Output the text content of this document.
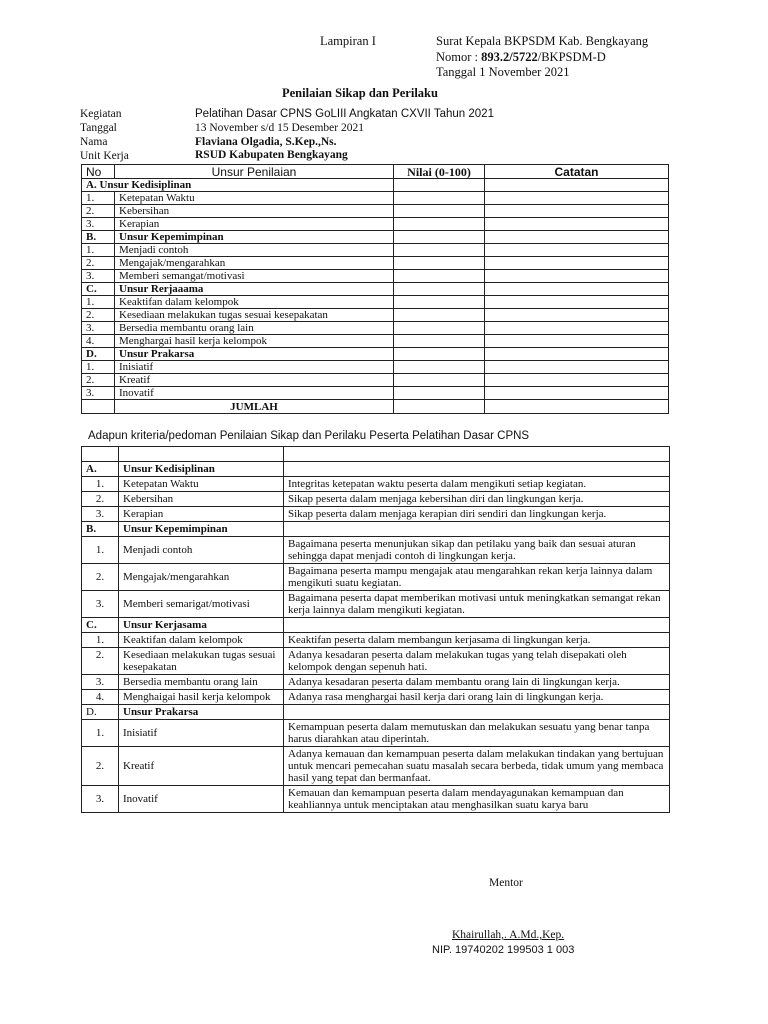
Lampiran I	Surat Kepala BKPSDM Kab. Bengkayang
Nomor : 893.2/5722/BKPSDM-D
Tanggal 1 November 2021
Penilaian Sikap dan Perilaku
Kegiatan	Pelatihan Dasar CPNS GoLIII Angkatan CXVII Tahun 2021
Tanggal	13 November s/d 15 Desember 2021
Nama	Flaviana Olgadia, S.Kep.,Ns.
Unit Kerja	RSUD Kabupaten Bengkayang
No	Unsur Penilaian	Nilai (0-100)	Catatan
A. Unsur Kedisiplinan			
1.	Ketepatan Waktu		
2.	Kebersihan		
3.	Kerapian		
B.	Unsur Kepemimpinan		
1.	Menjadi contoh		
2.	Mengajak/mengarahkan		
3.	Memberi semangat/motivasi		
C.	Unsur Rerjaaama		
1.	Keaktifan dalam kelompok		
2.	Kesediaan melakukan tugas sesuai kesepakatan		
3.	Bersedia membantu orang lain		
4.	Menghargai hasil kerja kelompok		
D.	Unsur Prakarsa		
1.	Inisiatif		
2.	Kreatif		
3.	Inovatif		
	JUMLAH		
Adapun kriteria/pedoman Penilaian Sikap dan Perilaku Peserta Pelatihan Dasar CPNS

A.	Unsur Kedisiplinan	
1.	Ketepatan Waktu	Integritas ketepatan waktu peserta dalam mengikuti setiap kegiatan.
2.	Kebersihan	Sikap peserta dalam menjaga kebersihan diri dan lingkungan kerja.
3.	Kerapian	Sikap peserta dalam menjaga kerapian diri sendiri dan lingkungan kerja.
B.	Unsur Kepemimpinan	
1.	Menjadi contoh	Bagaimana peserta menunjukan sikap dan petilaku yang baik dan sesuai aturan sehingga dapat menjadi contoh di lingkungan kerja.
2.	Mengajak/mengarahkan	Bagaimana peserta mampu mengajak atau mengarahkan rekan kerja lainnya dalam mengikuti suatu kegiatan.
3.	Memberi semarigat/motivasi	Bagaimana peserta dapat memberikan motivasi untuk meningkatkan semangat rekan kerja lainnya dalam mengikuti kegiatan.
C.	Unsur Kerjasama	
1.	Keaktifan dalam kelompok	Keaktifan peserta dalam membangun kerjasama di lingkungan kerja.
2.	Kesediaan melakukan tugas sesuai kesepakatan	Adanya kesadaran peserta dalam melakukan tugas yang telah disepakati oleh kelompok dengan sepenuh hati.
3.	Bersedia membantu orang lain	Adanya kesadaran peserta dalam membantu orang lain di lingkungan kerja.
4.	Menghaigai hasil kerja kelompok	Adanya rasa menghargai hasil kerja dari orang lain di lingkungan kerja.
D.	Unsur Prakarsa	
1.	Inisiatif	Kemampuan peserta dalam memutuskan dan melakukan sesuatu yang benar tanpa harus diarahkan atau diperintah.
2.	Kreatif	Adanya kemauan dan kemampuan peserta dalam melakukan tindakan yang bertujuan untuk mencari pemecahan suatu masalah secara berbeda, tidak umum yang membaca hasil yang tepat dan bermanfaat.
3.	Inovatif	Kemauan dan kemampuan peserta dalam mendayagunakan kemampuan dan keahliannya untuk menciptakan atau menghasilkan suatu karya baru
Mentor
Khairullah,. A.Md.,Kep.
NIP. 19740202 199503 1 003
